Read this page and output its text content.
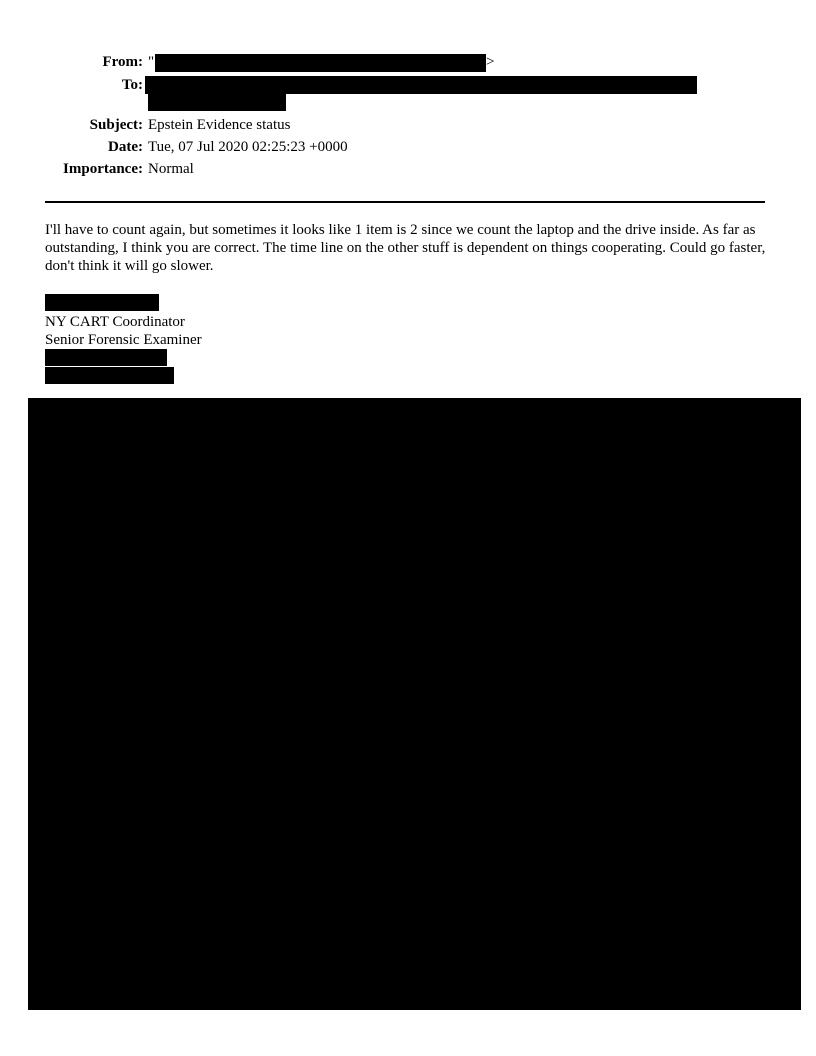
From: "	>
To:
Subject: Epstein Evidence status
Date: Tue, 07 Jul 2020 02:25:23 +0000
Importance: Normal

I'll have to count again, but sometimes it looks like 1 item is 2 since we count the laptop and the drive inside. As far as outstanding, I think you are correct. The time line on the other stuff is dependent on things cooperating. Could go faster, don't think it will go slower.

NY CART Coordinator
Senior Forensic Examiner
